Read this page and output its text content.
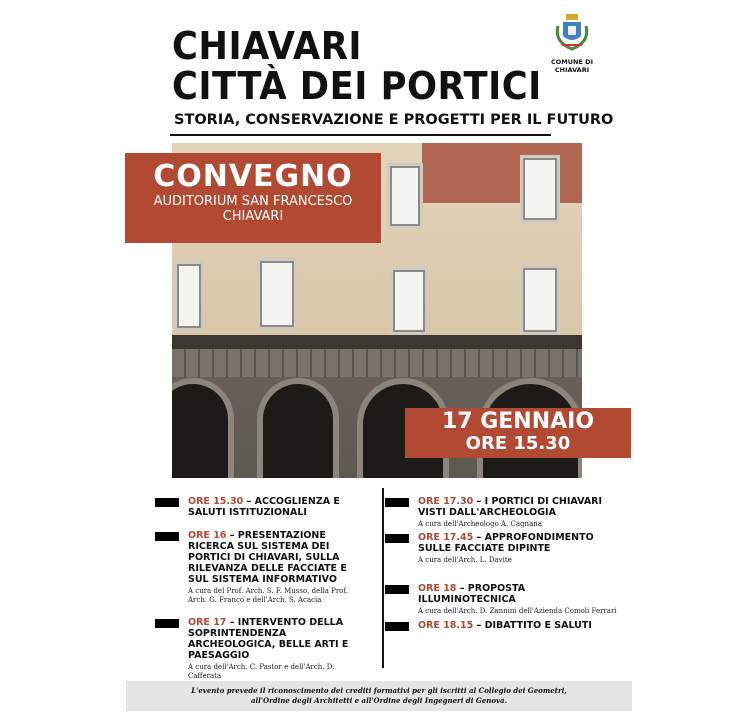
CHIAVARI
CITTÀ DEI PORTICI
STORIA, CONSERVAZIONE E PROGETTI PER IL FUTURO
COMUNE DI CHIAVARI
CONVEGNO
AUDITORIUM SAN FRANCESCO
CHIAVARI
17 GENNAIO
ORE 15.30
ORE 15.30 – ACCOGLIENZA E SALUTI ISTITUZIONALI
ORE 16 – PRESENTAZIONE RICERCA SUL SISTEMA DEI PORTICI DI CHIAVARI, SULLA RILEVANZA DELLE FACCIATE E SUL SISTEMA INFORMATIVO
A cura del Prof. Arch. S. F. Musso, della Prof. Arch. G. Franco e dell'Arch. S. Acacia
ORE 17 – INTERVENTO DELLA SOPRINTENDENZA ARCHEOLOGICA, BELLE ARTI E PAESAGGIO
A cura dell'Arch. C. Pastor e dell'Arch. D. Cafferata
ORE 17.30 – I PORTICI DI CHIAVARI VISTI DALL'ARCHEOLOGIA
A cura dell'Archeologo A. Cagnana
ORE 17.45 – APPROFONDIMENTO SULLE FACCIATE DIPINTE
A cura dell'Arch. L. Davite
ORE 18 – PROPOSTA ILLUMINOTECNICA
A cura dell'Arch. D. Zannini dell'Azienda Comoli Ferrari
ORE 18.15 – DIBATTITO E SALUTI
L'evento prevede il riconoscimento dei crediti formativi per gli iscritti al Collegio dei Geometri,
all'Ordine degli Architetti e all'Ordine degli Ingegneri di Genova.
